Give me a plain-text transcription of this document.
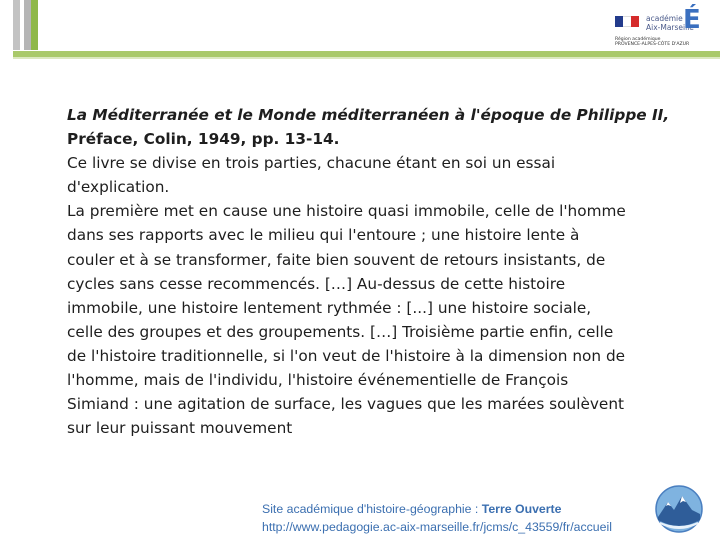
académie
Aix-Marseille
É
Région académique
PROVENCE-ALPES-CÔTE D'AZUR

La Méditerranée et le Monde méditerranéen à l'époque de Philippe II,

Préface, Colin, 1949, pp. 13-14.

Ce livre se divise en trois parties, chacune étant en soi un essai

d'explication.

La première met en cause une histoire quasi immobile, celle de l'homme

dans ses rapports avec le milieu qui l'entoure ; une histoire lente à

couler et à se transformer, faite bien souvent de retours insistants, de

cycles sans cesse recommencés. […] Au-dessus de cette histoire

immobile, une histoire lentement rythmée : [...] une histoire sociale,

celle des groupes et des groupements. […] Troisième partie enfin, celle

de l'histoire traditionnelle, si l'on veut de l'histoire à la dimension non de

l'homme, mais de l'individu, l'histoire événementielle de François

Simiand : une agitation de surface, les vagues que les marées soulèvent

sur leur puissant mouvement

Site académique d'histoire-géographie : Terre Ouverte
http://www.pedagogie.ac-aix-marseille.fr/jcms/c_43559/fr/accueil
